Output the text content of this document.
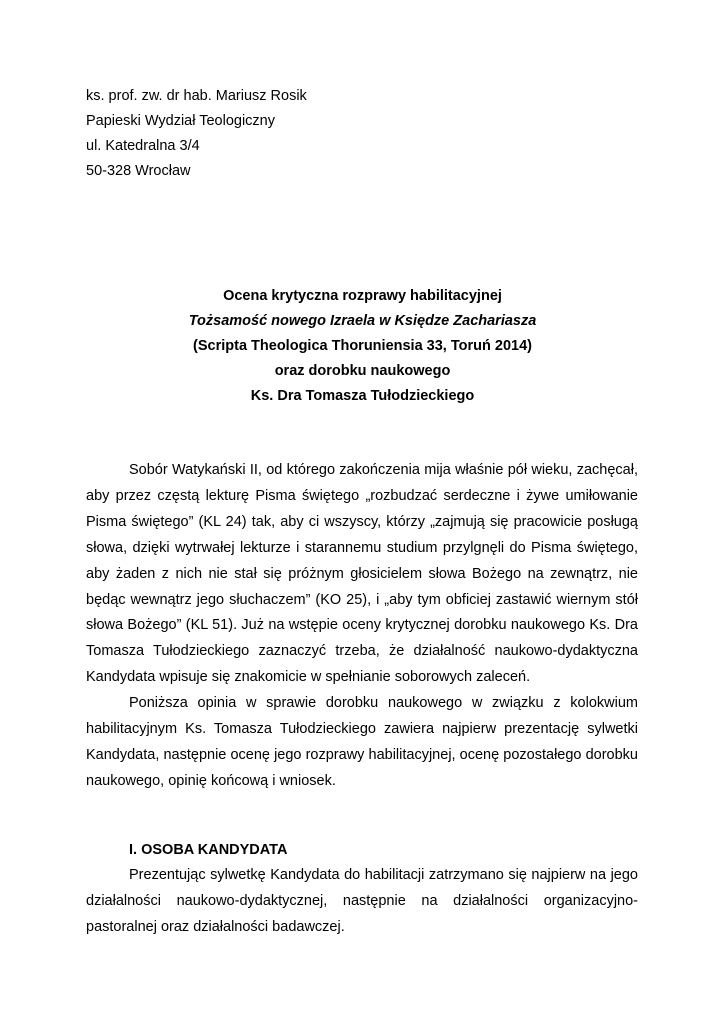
ks. prof. zw. dr hab. Mariusz Rosik
Papieski Wydział Teologiczny
ul. Katedralna 3/4
50-328 Wrocław
Ocena krytyczna rozprawy habilitacyjnej
Tożsamość nowego Izraela w Księdze Zachariasza
(Scripta Theologica Thoruniensia 33, Toruń 2014)
oraz dorobku naukowego
Ks. Dra Tomasza Tułodzieckiego

Sobór Watykański II, od którego zakończenia mija właśnie pół wieku, zachęcał, aby przez częstą lekturę Pisma świętego „rozbudzać serdeczne i żywe umiłowanie Pisma świętego” (KL 24) tak, aby ci wszyscy, którzy „zajmują się pracowicie posługą słowa, dzięki wytrwałej lekturze i starannemu studium przylgnęli do Pisma świętego, aby żaden z nich nie stał się próżnym głosicielem słowa Bożego na zewnątrz, nie będąc wewnątrz jego słuchaczem” (KO 25), i „aby tym obficiej zastawić wiernym stół słowa Bożego” (KL 51). Już na wstępie oceny krytycznej dorobku naukowego Ks. Dra Tomasza Tułodzieckiego zaznaczyć trzeba, że działalność naukowo-dydaktyczna Kandydata wpisuje się znakomicie w spełnianie soborowych zaleceń.

Poniższa opinia w sprawie dorobku naukowego w związku z kolokwium habilitacyjnym Ks. Tomasza Tułodzieckiego zawiera najpierw prezentację sylwetki Kandydata, następnie ocenę jego rozprawy habilitacyjnej, ocenę pozostałego dorobku naukowego, opinię końcową i wniosek.

I. OSOBA KANDYDATA

Prezentując sylwetkę Kandydata do habilitacji zatrzymano się najpierw na jego działalności naukowo-dydaktycznej, następnie na działalności organizacyjno-pastoralnej oraz działalności badawczej.
